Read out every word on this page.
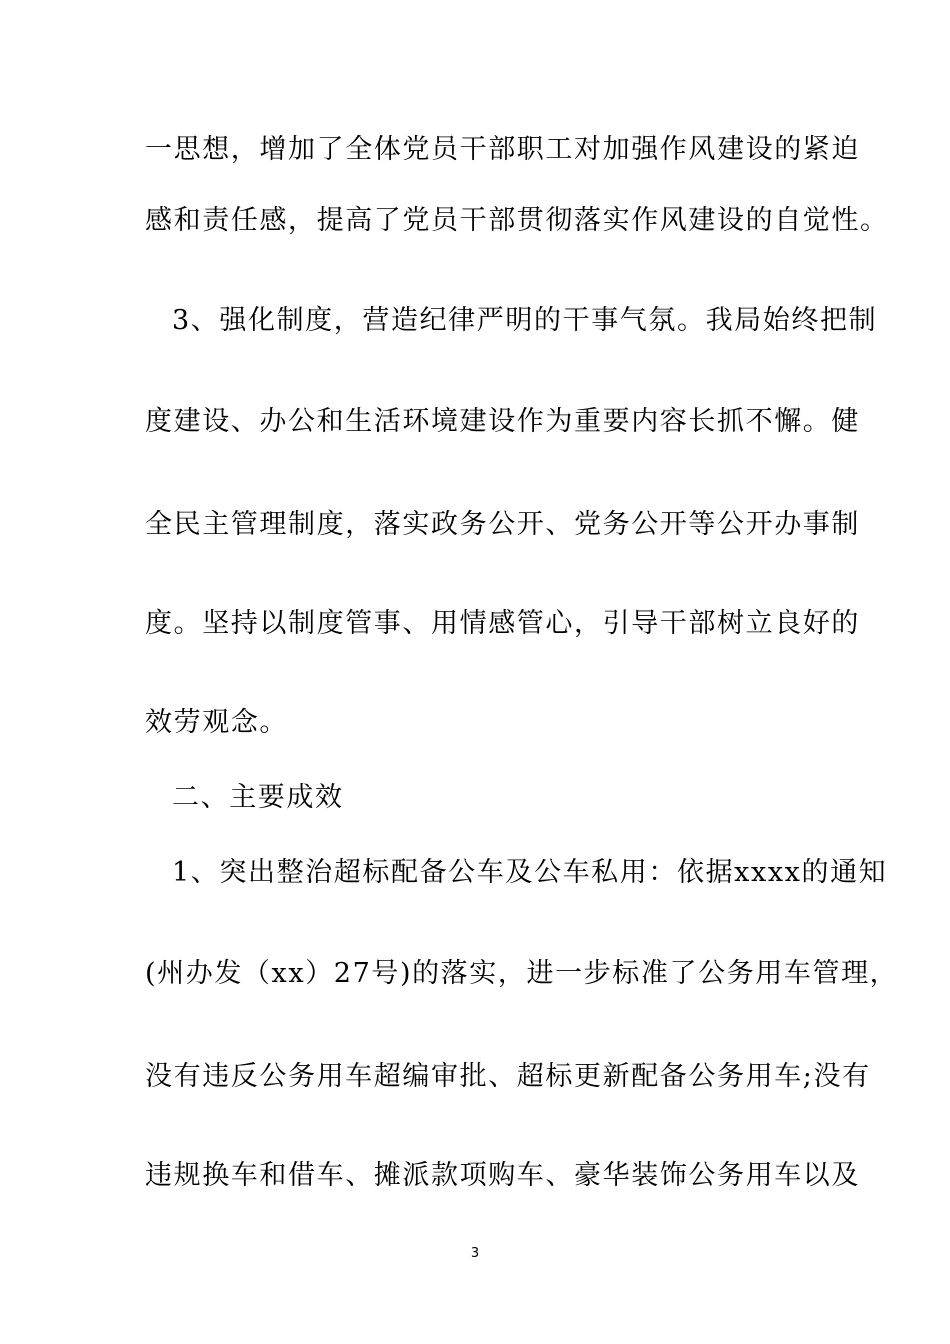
一思想，增加了全体党员干部职工对加强作风建设的紧迫
感和责任感，提高了党员干部贯彻落实作风建设的自觉性。
3、强化制度，营造纪律严明的干事气氛。我局始终把制
度建设、办公和生活环境建设作为重要内容长抓不懈。健
全民主管理制度，落实政务公开、党务公开等公开办事制
度。坚持以制度管事、用情感管心，引导干部树立良好的
效劳观念。
二、主要成效
1、突出整治超标配备公车及公车私用：依据xxxx的通知
(州办发（xx）27号)的落实，进一步标准了公务用车管理，
没有违反公务用车超编审批、超标更新配备公务用车;没有
违规换车和借车、摊派款项购车、豪华装饰公务用车以及
3
